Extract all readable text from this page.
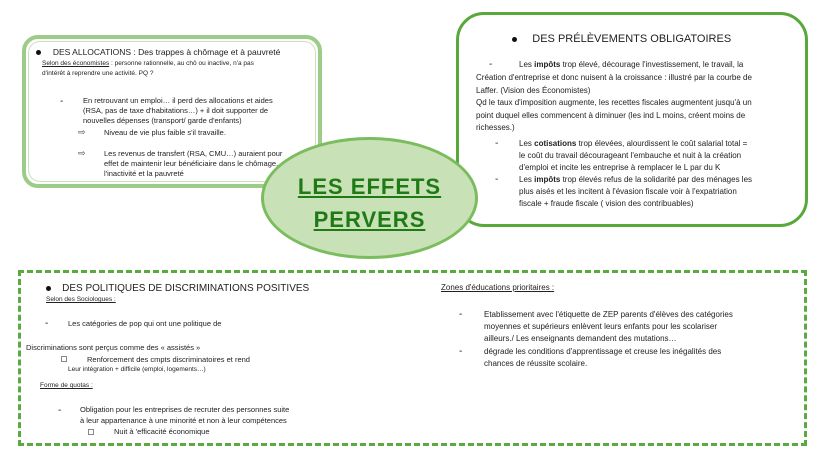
DES ALLOCATIONS : Des trappes à chômage et à pauvreté
Selon des économistes : personne rationnelle, au chô ou inactive, n'a pas
d'intérêt à reprendre une activité. PQ ?
-	En retrouvant un emploi… il perd des allocations et aides
(RSA, pas de taxe d'habitations…) + il doit supporter de
nouvelles dépenses (transport/ garde d'enfants)
⇨ Niveau de vie plus faible s'il travaille.
⇨ Les revenus de transfert (RSA, CMU…) auraient pour
effet de maintenir leur bénéficiaire dans le chômage,
l'inactivité et la pauvreté
DES PRÉLÈVEMENTS OBLIGATOIRES
-	Les impôts trop élevé, décourage l'investissement, le travail, la
Création d'entreprise et donc nuisent à la croissance : illustré par la courbe de
Laffer. (Vision des Économistes)
Qd le taux d'imposition augmente, les recettes fiscales augmentent jusqu'à un
point duquel elles commencent à diminuer (les ind L moins, créent moins de
richesses.)
-	Les cotisations trop élevées, alourdissent le coût salarial total =
le coût du travail décourageant l'embauche et nuit à la création
d'emploi et incite les entreprise à remplacer le L par du K
-	Les impôts trop élevés refus de la solidarité par des ménages les
plus aisés et les incitent à l'évasion fiscale voir à l'expatriation
fiscale + fraude fiscale ( vision des contribuables)
LES EFFETS
PERVERS
DES POLITIQUES DE DISCRIMINATIONS POSITIVES
Selon des Sociologues :
-	Les catégories de pop qui ont une politique de
Discriminations sont perçus comme des « assistés »
Renforcement des cmpts discriminatoires et rend
Leur intégration + difficile (emploi, logements…)
Forme de quotas :
- Obligation pour les entreprises de recruter des personnes suite
à leur appartenance à une minorité et non à leur compétences
Nuit à 'efficacité économique
Zones d'éducations prioritaires :
-	Etablissement avec l'étiquette de ZEP parents d'élèves des catégories
moyennes et supérieurs enlèvent leurs enfants pour les scolariser
ailleurs./ Les enseignants demandent des mutations…
-	dégrade les conditions d'apprentissage et creuse les inégalités des
chances de réussite scolaire.
